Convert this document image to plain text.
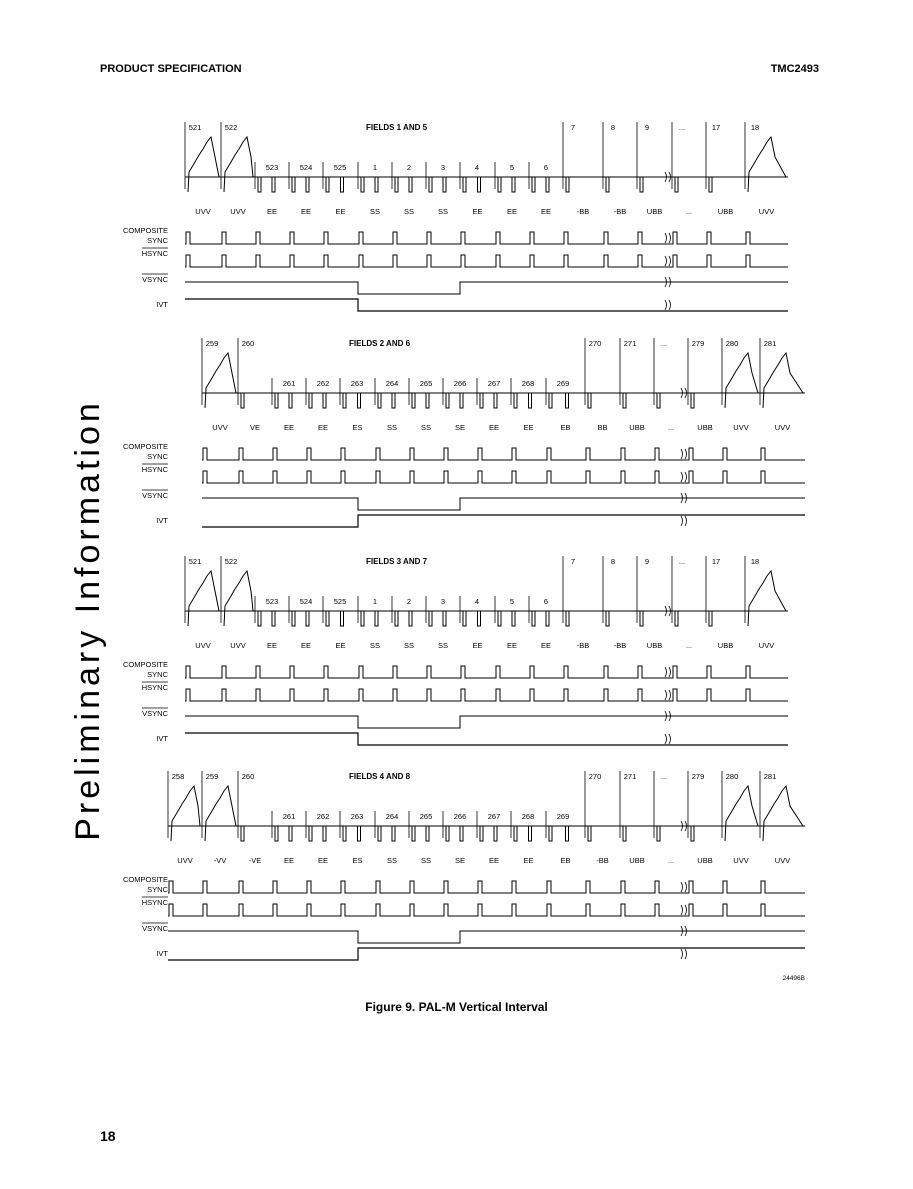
PRODUCT SPECIFICATION	TMC2493
Preliminary Information
FIELDS 1 AND 5
521	522	7	8	9	...	17	18
523	524	525	1	2	3	4	5	6
UVV	UVV	EE	EE	EE	SS	SS	SS	EE	EE	EE	-BB	-BB	UBB	...	UBB	UVV
COMPOSITE
SYNC
HSYNC
VSYNC
IVT
FIELDS 2 AND 6
259	260	270	271	...	279	280	281
261	262	263	264	265	266	267	268	269
UVV	VE	EE	EE	ES	SS	SS	SE	EE	EE	EB	BB	UBB	...	UBB	UVV	UVV
COMPOSITE
SYNC
HSYNC
VSYNC
IVT
FIELDS 3 AND 7
521	522	7	8	9	...	17	18
523	524	525	1	2	3	4	5	6
UVV	UVV	EE	EE	EE	SS	SS	SS	EE	EE	EE	-BB	-BB	UBB	...	UBB	UVV
COMPOSITE
SYNC
HSYNC
VSYNC
IVT
FIELDS 4 AND 8
258	259	260	270	271	...	279	280	281
261	262	263	264	265	266	267	268	269
UVV	-VV	-VE	EE	EE	ES	SS	SS	SE	EE	EE	EB	-BB	UBB	...	UBB	UVV	UVV
COMPOSITE
SYNC
HSYNC
VSYNC
IVT
24496B
Figure 9. PAL-M Vertical Interval
18
